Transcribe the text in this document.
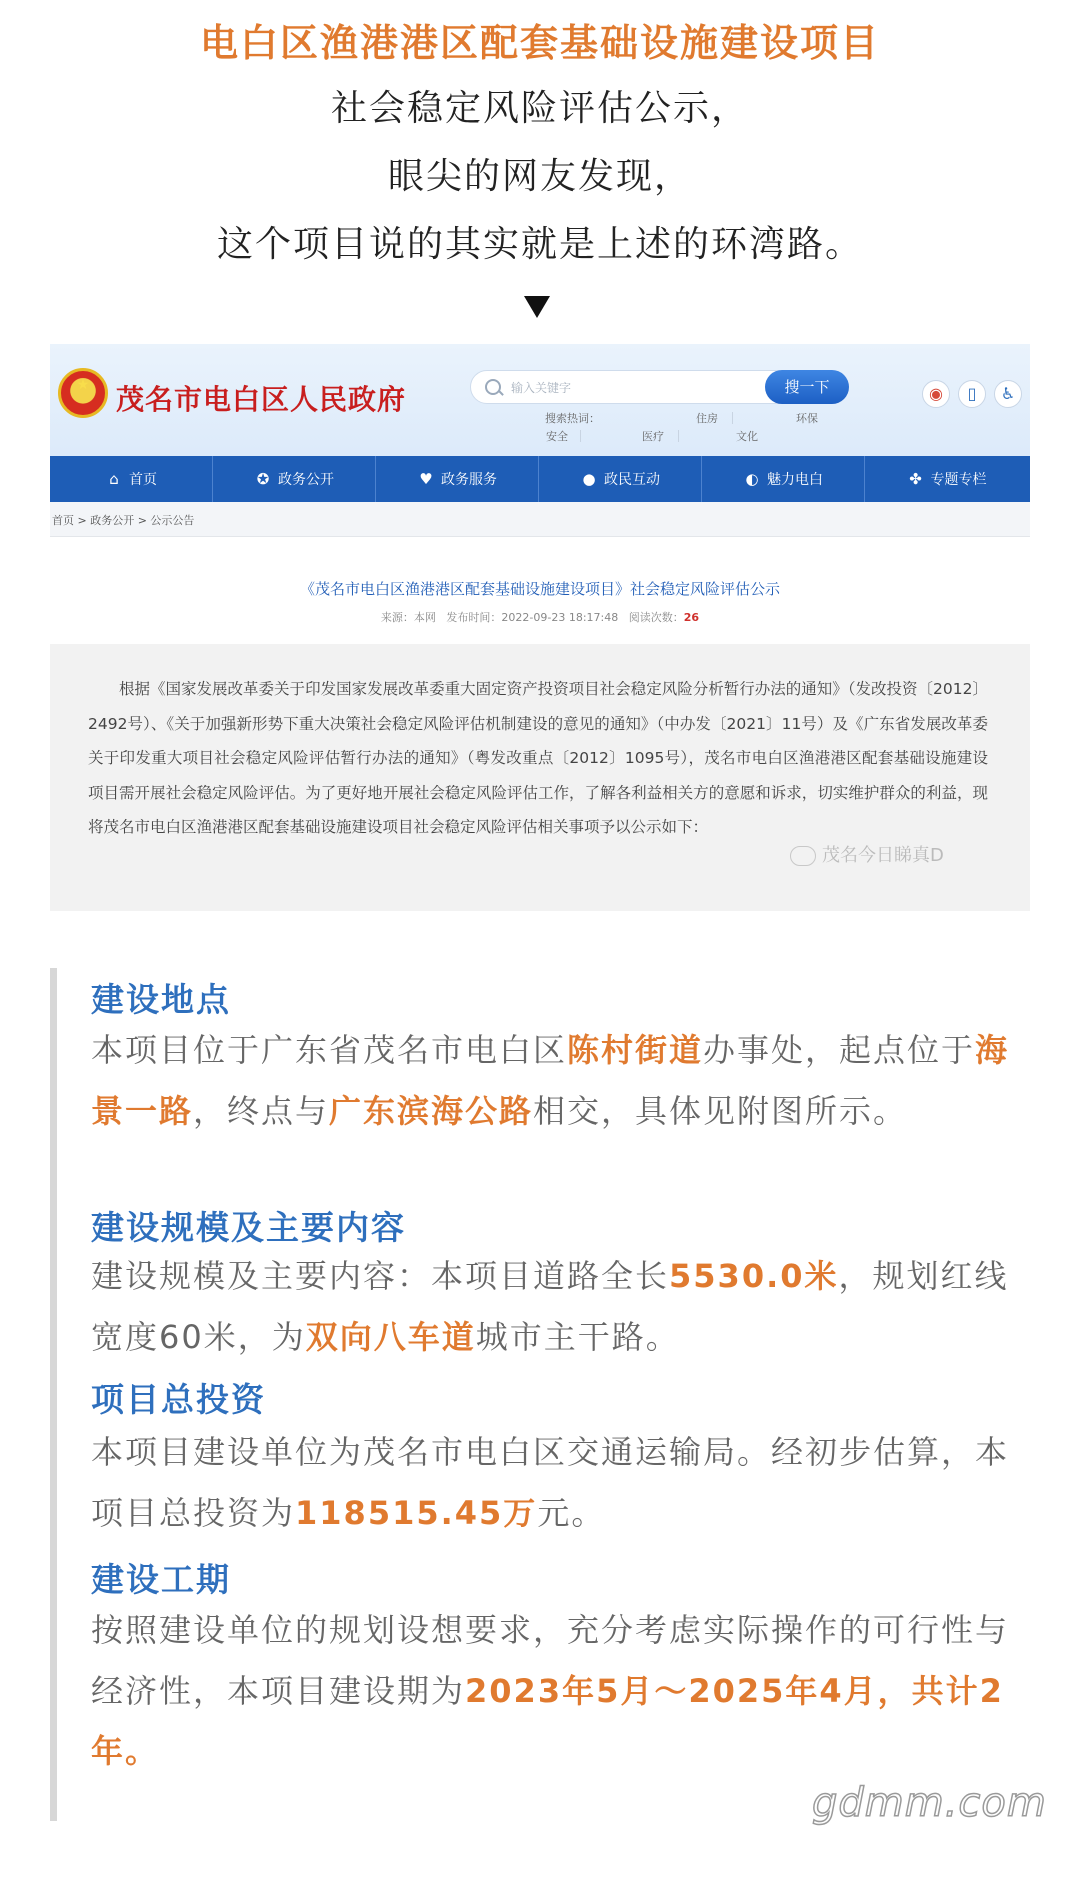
电白区渔港港区配套基础设施建设项目
社会稳定风险评估公示，
眼尖的网友发现，
这个项目说的其实就是上述的环湾路。
★ 茂名市电白区人民政府	输入关键字	搜一下
搜索热词：	住房	环保
安全	医疗	文化
◉	▯	♿
⌂ 首页	✪ 政务公开	♥ 政务服务	● 政民互动	◐ 魅力电白	✤ 专题专栏
首页 > 政务公开 > 公示公告
《茂名市电白区渔港港区配套基础设施建设项目》社会稳定风险评估公示
来源：本网 发布时间：2022-09-23 18:17:48 阅读次数：26

根据《国家发展改革委关于印发国家发展改革委重大固定资产投资项目社会稳定风险分析暂行办法的通知》（发改投资〔2012〕2492号）、《关于加强新形势下重大决策社会稳定风险评估机制建设的意见的通知》（中办发〔2021〕11号）及《广东省发展改革委关于印发重大项目社会稳定风险评估暂行办法的通知》（粤发改重点〔2012〕1095号），茂名市电白区渔港港区配套基础设施建设项目需开展社会稳定风险评估。为了更好地开展社会稳定风险评估工作，了解各利益相关方的意愿和诉求，切实维护群众的利益，现将茂名市电白区渔港港区配套基础设施建设项目社会稳定风险评估相关事项予以公示如下：

茂名今日睇真D
建设地点
本项目位于广东省茂名市电白区陈村街道办事处，起点位于海景一路，终点与广东滨海公路相交，具体见附图所示。
建设规模及主要内容
建设规模及主要内容：本项目道路全长5530.0米，规划红线宽度60米，为双向八车道城市主干路。
项目总投资
本项目建设单位为茂名市电白区交通运输局。经初步估算，本项目总投资为118515.45万元。
建设工期
按照建设单位的规划设想要求，充分考虑实际操作的可行性与经济性，本项目建设期为2023年5月～2025年4月，共计2年。
gdmm.com
